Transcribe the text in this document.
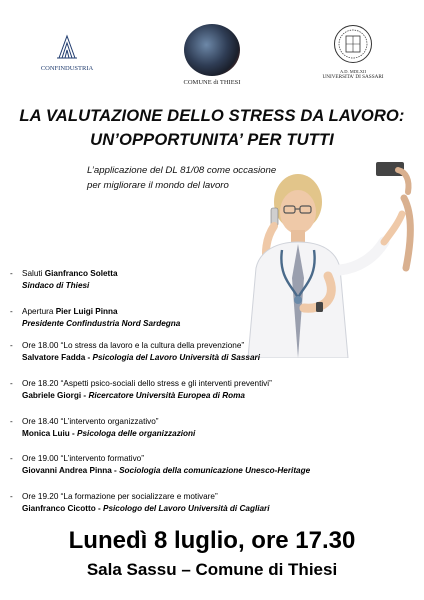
CONFINDUSTRIA
COMUNE di THIESI
A.D. MDLXII
UNIVERSITA' DI SASSARI
LA VALUTAZIONE DELLO STRESS DA LAVORO:
UN’OPPORTUNITA’ PER TUTTI
L’applicazione del DL 81/08 come occasione
per migliorare il mondo del lavoro
- Saluti Gianfranco Soletta
Sindaco di Thiesi
- Apertura Pier Luigi Pinna
Presidente Confindustria Nord Sardegna
- Ore 18.00 “Lo stress da lavoro e la cultura della prevenzione”
Salvatore Fadda - Psicologia del Lavoro Università di Sassari
- Ore 18.20 “Aspetti psico-sociali dello stress e gli interventi preventivi”
Gabriele Giorgi - Ricercatore Università Europea di Roma
- Ore 18.40 “L’intervento organizzativo”
Monica Luiu - Psicologa delle organizzazioni
- Ore 19.00 “L’intervento formativo”
Giovanni Andrea Pinna - Sociologia della comunicazione Unesco-Heritage
- Ore 19.20 “La formazione per socializzare e motivare”
Gianfranco Cicotto - Psicologo del Lavoro Università di Cagliari
Lunedì 8 luglio, ore 17.30
Sala Sassu – Comune di Thiesi
